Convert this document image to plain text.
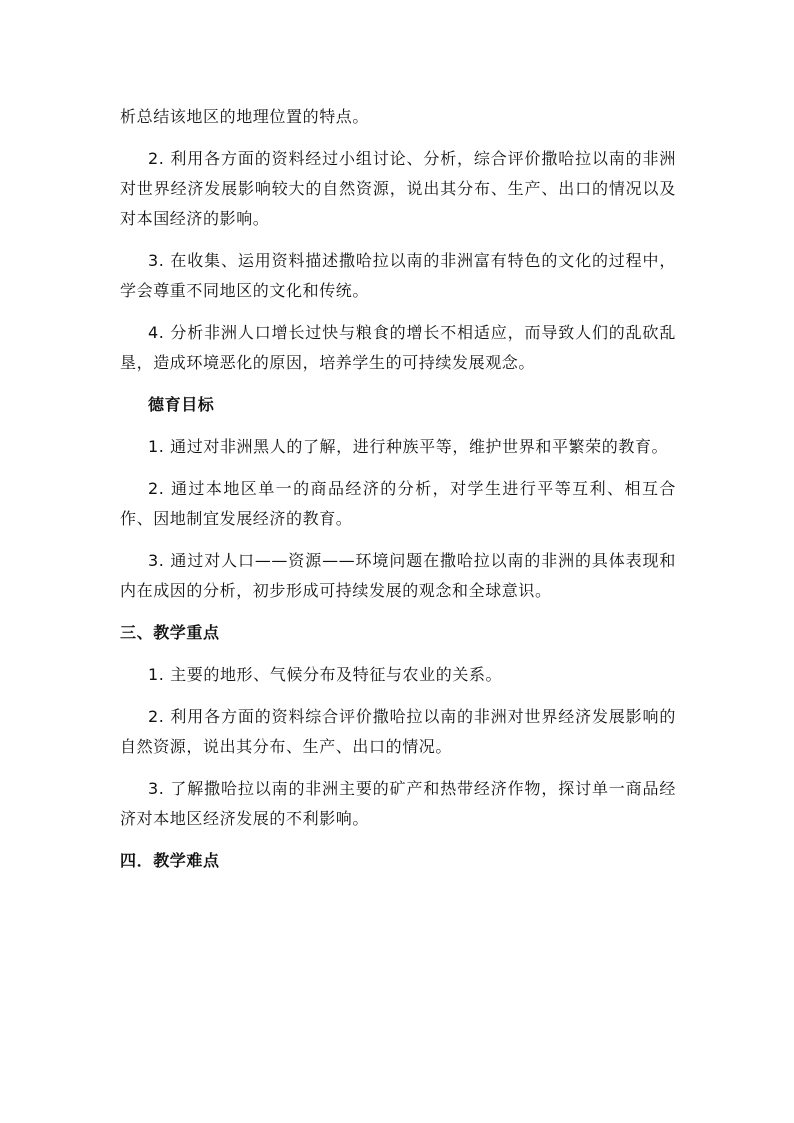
析总结该地区的地理位置的特点。

2. 利用各方面的资料经过小组讨论、分析，综合评价撒哈拉以南的非洲对世界经济发展影响较大的自然资源，说出其分布、生产、出口的情况以及对本国经济的影响。

3. 在收集、运用资料描述撒哈拉以南的非洲富有特色的文化的过程中，学会尊重不同地区的文化和传统。

4. 分析非洲人口增长过快与粮食的增长不相适应，而导致人们的乱砍乱垦，造成环境恶化的原因，培养学生的可持续发展观念。

德育目标

1. 通过对非洲黑人的了解，进行种族平等，维护世界和平繁荣的教育。

2. 通过本地区单一的商品经济的分析，对学生进行平等互利、相互合作、因地制宜发展经济的教育。

3. 通过对人口——资源——环境问题在撒哈拉以南的非洲的具体表现和内在成因的分析，初步形成可持续发展的观念和全球意识。

三、教学重点

1. 主要的地形、气候分布及特征与农业的关系。

2. 利用各方面的资料综合评价撒哈拉以南的非洲对世界经济发展影响的自然资源，说出其分布、生产、出口的情况。

3. 了解撒哈拉以南的非洲主要的矿产和热带经济作物，探讨单一商品经济对本地区经济发展的不利影响。

四．教学难点
